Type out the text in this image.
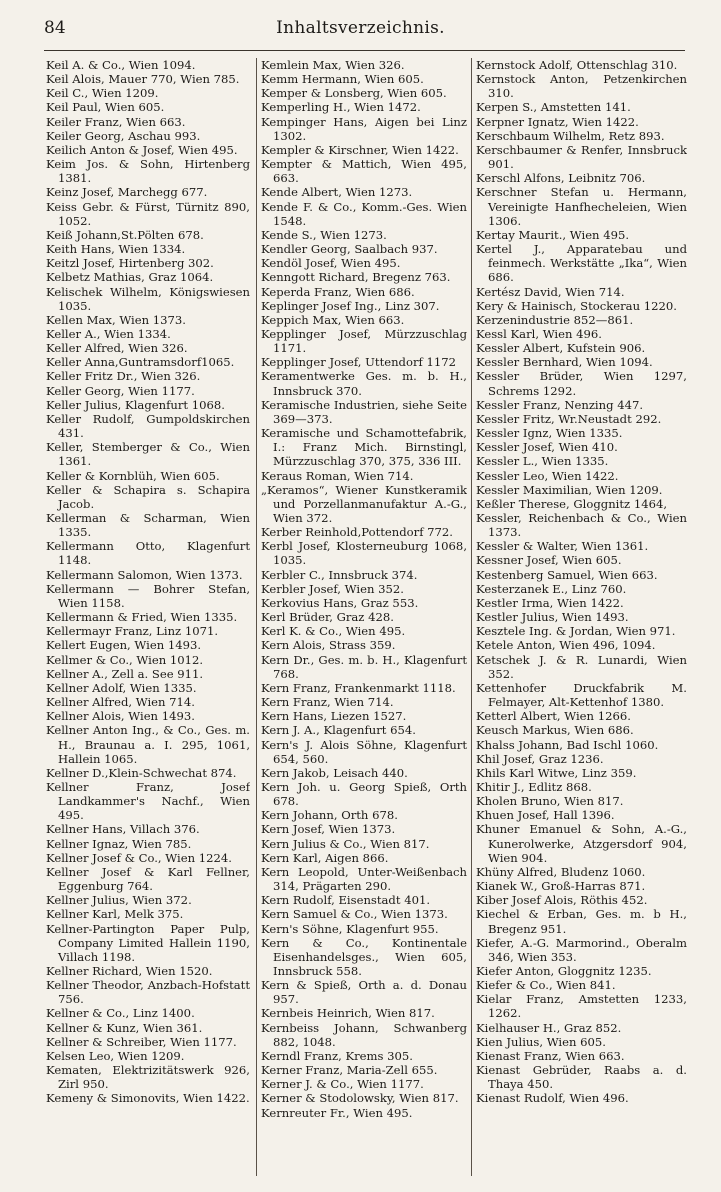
84	Inhaltsverzeichnis.
Keil A. & Co., Wien 1094.
Keil Alois, Mauer 770, Wien 785.
Keil C., Wien 1209.
Keil Paul, Wien 605.
Keiler Franz, Wien 663.
Keiler Georg, Aschau 993.
Keilich Anton & Josef, Wien 495.
Keim Jos. & Sohn, Hirtenberg 1381.
Keinz Josef, Marchegg 677.
Keiss Gebr. & Fürst, Türnitz 890, 1052.
Keiß Johann,St.Pölten 678.
Keith Hans, Wien 1334.
Keitzl Josef, Hirtenberg 302.
Kelbetz Mathias, Graz 1064.
Kelischek Wilhelm, Königswiesen 1035.
Kellen Max, Wien 1373.
Keller A., Wien 1334.
Keller Alfred, Wien 326.
Keller Anna,Guntramsdorf1065.
Keller Fritz Dr., Wien 326.
Keller Georg, Wien 1177.
Keller Julius, Klagenfurt 1068.
Keller Rudolf, Gumpoldskirchen 431.
Keller, Stemberger & Co., Wien 1361.
Keller & Kornblüh, Wien 605.
Keller & Schapira s. Schapira Jacob.
Kellerman & Scharman, Wien 1335.
Kellermann Otto, Klagenfurt 1148.
Kellermann Salomon, Wien 1373.
Kellermann — Bohrer Stefan, Wien 1158.
Kellermann & Fried, Wien 1335.
Kellermayr Franz, Linz 1071.
Kellert Eugen, Wien 1493.
Kellmer & Co., Wien 1012.
Kellner A., Zell a. See 911.
Kellner Adolf, Wien 1335.
Kellner Alfred, Wien 714.
Kellner Alois, Wien 1493.
Kellner Anton Ing., & Co., Ges. m. H., Braunau a. I. 295, 1061, Hallein 1065.
Kellner D.,Klein-Schwechat 874.
Kellner Franz, Josef Landkammer's Nachf., Wien 495.
Kellner Hans, Villach 376.
Kellner Ignaz, Wien 785.
Kellner Josef & Co., Wien 1224.
Kellner Josef & Karl Fellner, Eggenburg 764.
Kellner Julius, Wien 372.
Kellner Karl, Melk 375.
Kellner-Partington Paper Pulp, Company Limited Hallein 1190, Villach 1198.
Kellner Richard, Wien 1520.
Kellner Theodor, Anzbach-Hofstatt 756.
Kellner & Co., Linz 1400.
Kellner & Kunz, Wien 361.
Kellner & Schreiber, Wien 1177.
Kelsen Leo, Wien 1209.
Kematen, Elektrizitätswerk 926, Zirl 950.
Kemeny & Simonovits, Wien 1422.
Kemlein Max, Wien 326.
Kemm Hermann, Wien 605.
Kemper & Lonsberg, Wien 605.
Kemperling H., Wien 1472.
Kempinger Hans, Aigen bei Linz 1302.
Kempler & Kirschner, Wien 1422.
Kempter & Mattich, Wien 495, 663.
Kende Albert, Wien 1273.
Kende F. & Co., Komm.-Ges. Wien 1548.
Kende S., Wien 1273.
Kendler Georg, Saalbach 937.
Kendöl Josef, Wien 495.
Kenngott Richard, Bregenz 763.
Keperda Franz, Wien 686.
Keplinger Josef Ing., Linz 307.
Keppich Max, Wien 663.
Kepplinger Josef, Mürzzuschlag 1171.
Kepplinger Josef, Uttendorf 1172
Keramentwerke Ges. m. b. H., Innsbruck 370.
Keramische Industrien, siehe Seite 369—373.
Keramische und Schamottefabrik, I.: Franz Mich. Birnstingl, Mürzzuschlag 370, 375, 336 III.
Keraus Roman, Wien 714.
„Keramos“, Wiener Kunstkeramik und Porzellanmanufaktur A.-G., Wien 372.
Kerber Reinhold,Pottendorf 772.
Kerbl Josef, Klosterneuburg 1068, 1035.
Kerbler C., Innsbruck 374.
Kerbler Josef, Wien 352.
Kerkovius Hans, Graz 553.
Kerl Brüder, Graz 428.
Kerl K. & Co., Wien 495.
Kern Alois, Strass 359.
Kern Dr., Ges. m. b. H., Klagenfurt 768.
Kern Franz, Frankenmarkt 1118.
Kern Franz, Wien 714.
Kern Hans, Liezen 1527.
Kern J. A., Klagenfurt 654.
Kern's J. Alois Söhne, Klagenfurt 654, 560.
Kern Jakob, Leisach 440.
Kern Joh. u. Georg Spieß, Orth 678.
Kern Johann, Orth 678.
Kern Josef, Wien 1373.
Kern Julius & Co., Wien 817.
Kern Karl, Aigen 866.
Kern Leopold, Unter-Weißenbach 314, Prägarten 290.
Kern Rudolf, Eisenstadt 401.
Kern Samuel & Co., Wien 1373.
Kern's Söhne, Klagenfurt 955.
Kern & Co., Kontinentale Eisenhandelsges., Wien 605, Innsbruck 558.
Kern & Spieß, Orth a. d. Donau 957.
Kernbeis Heinrich, Wien 817.
Kernbeiss Johann, Schwanberg 882, 1048.
Kerndl Franz, Krems 305.
Kerner Franz, Maria-Zell 655.
Kerner J. & Co., Wien 1177.
Kerner & Stodolowsky, Wien 817.
Kernreuter Fr., Wien 495.
Kernstock Adolf, Ottenschlag 310.
Kernstock Anton, Petzenkirchen 310.
Kerpen S., Amstetten 141.
Kerpner Ignatz, Wien 1422.
Kerschbaum Wilhelm, Retz 893.
Kerschbaumer & Renfer, Innsbruck 901.
Kerschl Alfons, Leibnitz 706.
Kerschner Stefan u. Hermann, Vereinigte Hanfhecheleien, Wien 1306.
Kertay Maurit., Wien 495.
Kertel J., Apparatebau und feinmech. Werkstätte „Ika“, Wien 686.
Kertész David, Wien 714.
Kery & Hainisch, Stockerau 1220.
Kerzenindustrie 852—861.
Kessl Karl, Wien 496.
Kessler Albert, Kufstein 906.
Kessler Bernhard, Wien 1094.
Kessler Brüder, Wien 1297, Schrems 1292.
Kessler Franz, Nenzing 447.
Kessler Fritz, Wr.Neustadt 292.
Kessler Ignz, Wien 1335.
Kessler Josef, Wien 410.
Kessler L., Wien 1335.
Kessler Leo, Wien 1422.
Kessler Maximilian, Wien 1209.
Keßler Therese, Gloggnitz 1464,
Kessler, Reichenbach & Co., Wien 1373.
Kessler & Walter, Wien 1361.
Kessner Josef, Wien 605.
Kestenberg Samuel, Wien 663.
Kesterzanek E., Linz 760.
Kestler Irma, Wien 1422.
Kestler Julius, Wien 1493.
Kesztele Ing. & Jordan, Wien 971.
Ketele Anton, Wien 496, 1094.
Ketschek J. & R. Lunardi, Wien 352.
Kettenhofer Druckfabrik M. Felmayer, Alt-Kettenhof 1380.
Ketterl Albert, Wien 1266.
Keusch Markus, Wien 686.
Khalss Johann, Bad Ischl 1060.
Khil Josef, Graz 1236.
Khils Karl Witwe, Linz 359.
Khitir J., Edlitz 868.
Kholen Bruno, Wien 817.
Khuen Josef, Hall 1396.
Khuner Emanuel & Sohn, A.-G., Kunerolwerke, Atzgersdorf 904, Wien 904.
Khüny Alfred, Bludenz 1060.
Kianek W., Groß-Harras 871.
Kiber Josef Alois, Röthis 452.
Kiechel & Erban, Ges. m. b H., Bregenz 951.
Kiefer, A.-G. Marmorind., Oberalm 346, Wien 353.
Kiefer Anton, Gloggnitz 1235.
Kiefer & Co., Wien 841.
Kielar Franz, Amstetten 1233, 1262.
Kielhauser H., Graz 852.
Kien Julius, Wien 605.
Kienast Franz, Wien 663.
Kienast Gebrüder, Raabs a. d. Thaya 450.
Kienast Rudolf, Wien 496.
